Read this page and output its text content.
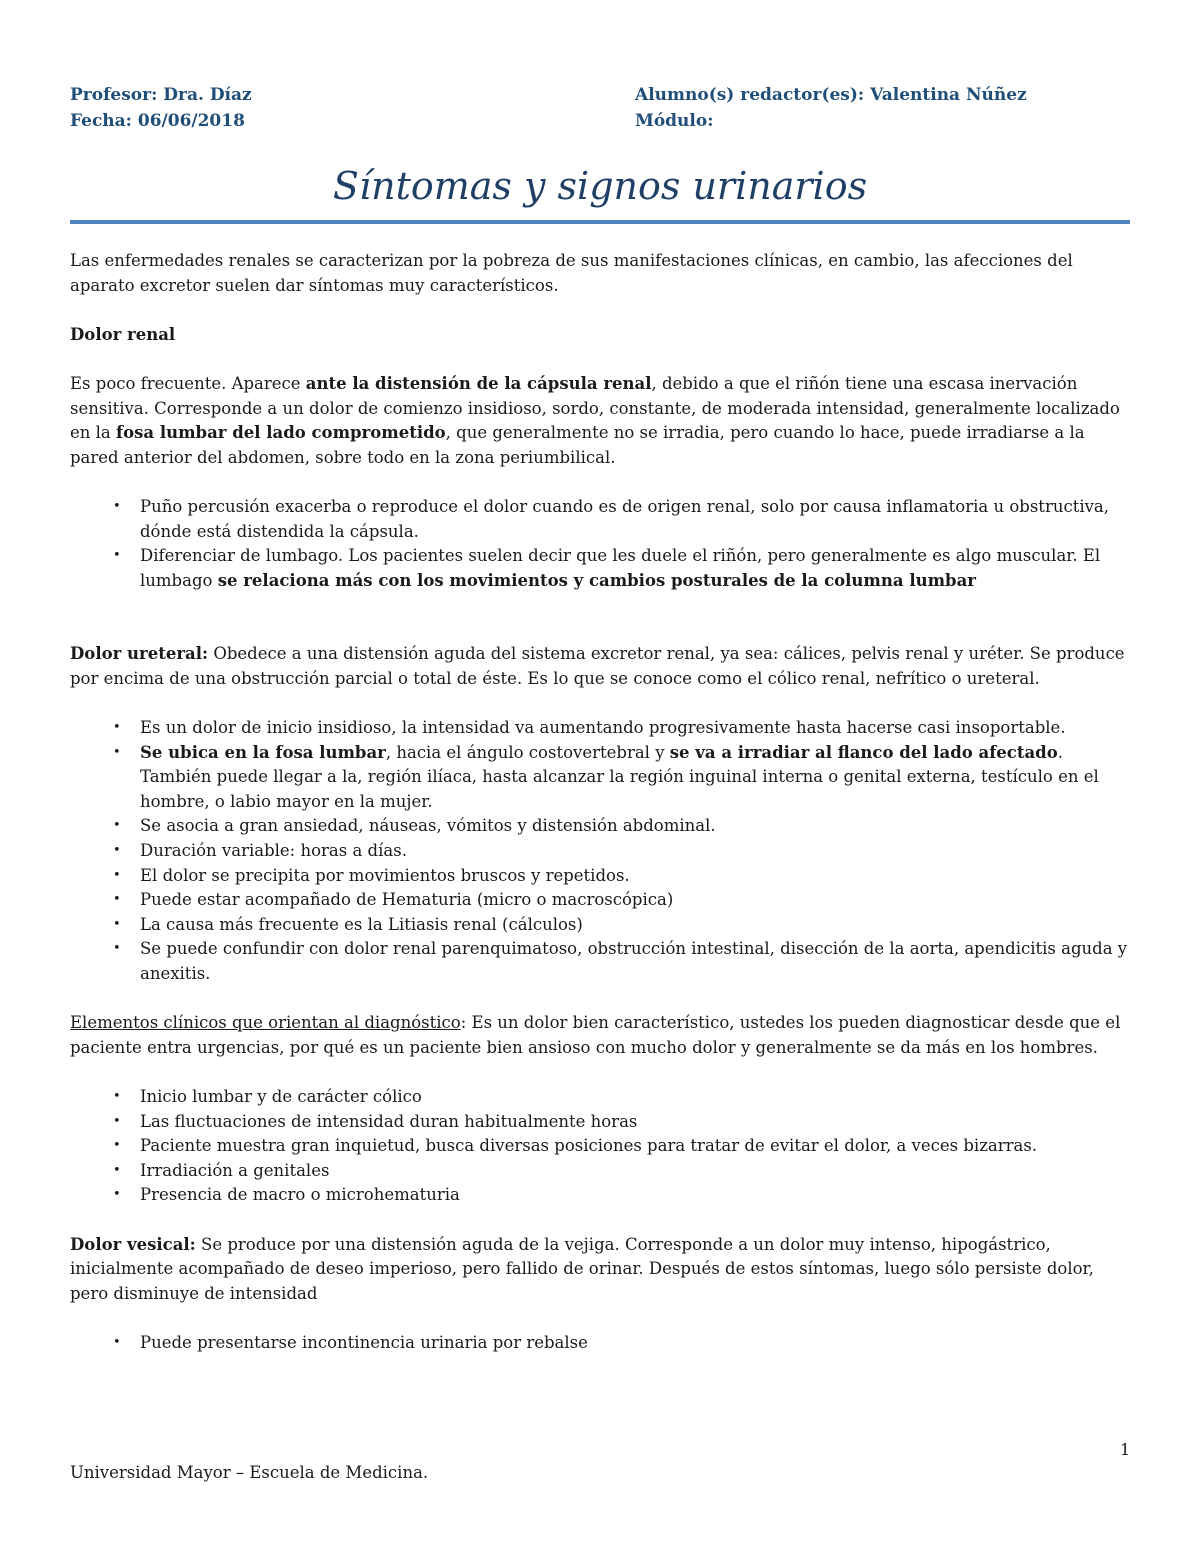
Profesor: Dra. Díaz
Fecha: 06/06/2018
Alumno(s) redactor(es): Valentina Núñez
Módulo:
Síntomas y signos urinarios

Las enfermedades renales se caracterizan por la pobreza de sus manifestaciones clínicas, en cambio, las afecciones del aparato excretor suelen dar síntomas muy característicos.

Dolor renal

Es poco frecuente. Aparece ante la distensión de la cápsula renal, debido a que el riñón tiene una escasa inervación sensitiva. Corresponde a un dolor de comienzo insidioso, sordo, constante, de moderada intensidad, generalmente localizado en la fosa lumbar del lado comprometido, que generalmente no se irradia, pero cuando lo hace, puede irradiarse a la pared anterior del abdomen, sobre todo en la zona periumbilical.

• Puño percusión exacerba o reproduce el dolor cuando es de origen renal, solo por causa inflamatoria u obstructiva, dónde está distendida la cápsula.
• Diferenciar de lumbago. Los pacientes suelen decir que les duele el riñón, pero generalmente es algo muscular. El lumbago se relaciona más con los movimientos y cambios posturales de la columna lumbar

Dolor ureteral: Obedece a una distensión aguda del sistema excretor renal, ya sea: cálices, pelvis renal y uréter. Se produce por encima de una obstrucción parcial o total de éste. Es lo que se conoce como el cólico renal, nefrítico o ureteral.

• Es un dolor de inicio insidioso, la intensidad va aumentando progresivamente hasta hacerse casi insoportable.
• Se ubica en la fosa lumbar, hacia el ángulo costovertebral y se va a irradiar al flanco del lado afectado. También puede llegar a la, región ilíaca, hasta alcanzar la región inguinal interna o genital externa, testículo en el hombre, o labio mayor en la mujer.
• Se asocia a gran ansiedad, náuseas, vómitos y distensión abdominal.
• Duración variable: horas a días.
• El dolor se precipita por movimientos bruscos y repetidos.
• Puede estar acompañado de Hematuria (micro o macroscópica)
• La causa más frecuente es la Litiasis renal (cálculos)
• Se puede confundir con dolor renal parenquimatoso, obstrucción intestinal, disección de la aorta, apendicitis aguda y anexitis.

Elementos clínicos que orientan al diagnóstico: Es un dolor bien característico, ustedes los pueden diagnosticar desde que el paciente entra urgencias, por qué es un paciente bien ansioso con mucho dolor y generalmente se da más en los hombres.

• Inicio lumbar y de carácter cólico
• Las fluctuaciones de intensidad duran habitualmente horas
• Paciente muestra gran inquietud, busca diversas posiciones para tratar de evitar el dolor, a veces bizarras.
• Irradiación a genitales
• Presencia de macro o microhematuria

Dolor vesical: Se produce por una distensión aguda de la vejiga. Corresponde a un dolor muy intenso, hipogástrico, inicialmente acompañado de deseo imperioso, pero fallido de orinar. Después de estos síntomas, luego sólo persiste dolor, pero disminuye de intensidad

• Puede presentarse incontinencia urinaria por rebalse
1
Universidad Mayor – Escuela de Medicina.
